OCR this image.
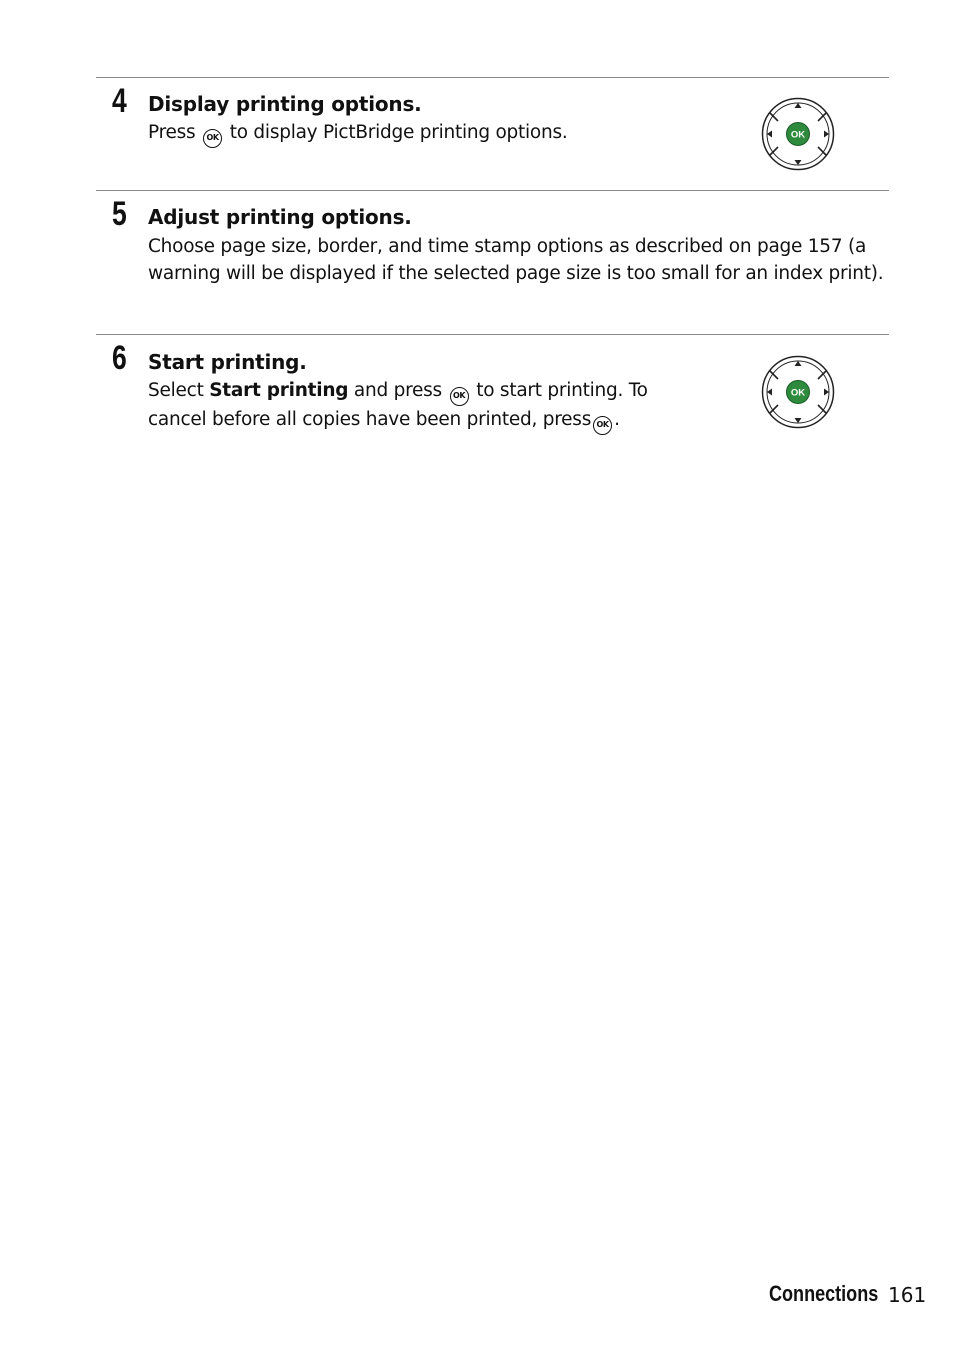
4 Display printing options.
Press OK to display PictBridge printing options.	OK
5 Adjust printing options.
Choose page size, border, and time stamp options as described on page 157 (a warning will be displayed if the selected page size is too small for an index print).
6 Start printing.
Select Start printing and press OK to start printing. To cancel before all copies have been printed, press OK .
OK
Connections 161
